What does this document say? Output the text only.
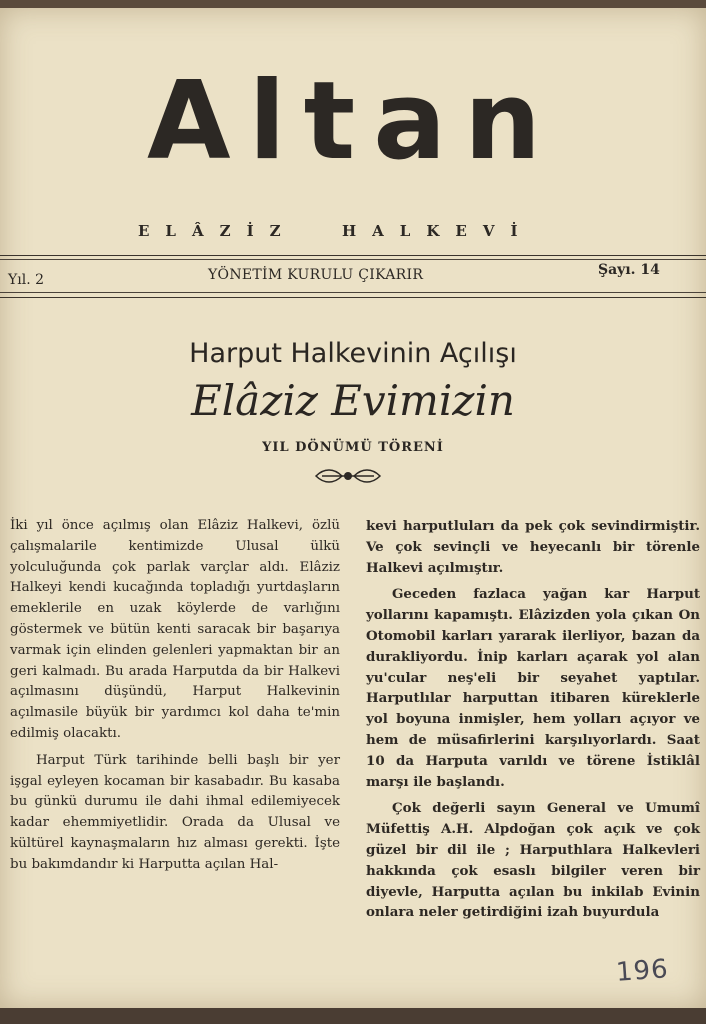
Altan
ELÂZİZ	HALKEVİ
Yıl. 2	YÖNETİM KURULU ÇIKARIR	Şayı. 14
Harput Halkevinin Açılışı
Elâziz Evimizin
YIL DÖNÜMÜ TÖRENİ

İki yıl önce açılmış olan Elâziz Halkevi, özlü çalışmalarile kentimizde Ulusal ülkü yolculuğunda çok parlak varçlar aldı. Elâziz Halkeyi kendi kucağında topladığı yurtdaşların emeklerile en uzak köylerde de varlığını göstermek ve bütün kenti saracak bir başarıya varmak için elinden gelenleri yapmaktan bir an geri kalmadı. Bu arada Harputda da bir Halkevi açılmasını düşündü, Harput Halkevinin açılmasile büyük bir yardımcı kol daha te'min edilmiş olacaktı.

Harput Türk tarihinde belli başlı bir yer işgal eyleyen kocaman bir kasabadır. Bu kasaba bu günkü durumu ile dahi ihmal edilemiyecek kadar ehemmiyetlidir. Orada da Ulusal ve kültürel kaynaşmaların hız alması gerekti. İşte bu bakımdandır ki Harputta açılan Hal-

kevi harputluları da pek çok sevindirmiştir. Ve çok sevinçli ve heyecanlı bir törenle Halkevi açılmıştır.

Geceden fazlaca yağan kar Harput yollarını kapamıştı. Elâzizden yola çıkan On Otomobil karları yararak ilerliyor, bazan da durakliyordu. İnip karları açarak yol alan yu'cular neş'eli bir seyahet yaptılar. Harputlılar harputtan itibaren küreklerle yol boyuna inmişler, hem yolları açıyor ve hem de müsafirlerini karşılıyorlardı. Saat 10 da Harputa varıldı ve törene İstiklâl marşı ile başlandı.

Çok değerli sayın General ve Umumî Müfettiş A.H. Alpdoğan çok açık ve çok güzel bir dil ile ; Harputhlara Halkevleri hakkında çok esaslı bilgiler veren bir diyevle, Harputta açılan bu inkilab Evinin onlara neler getirdiğini izah buyurdula

196
